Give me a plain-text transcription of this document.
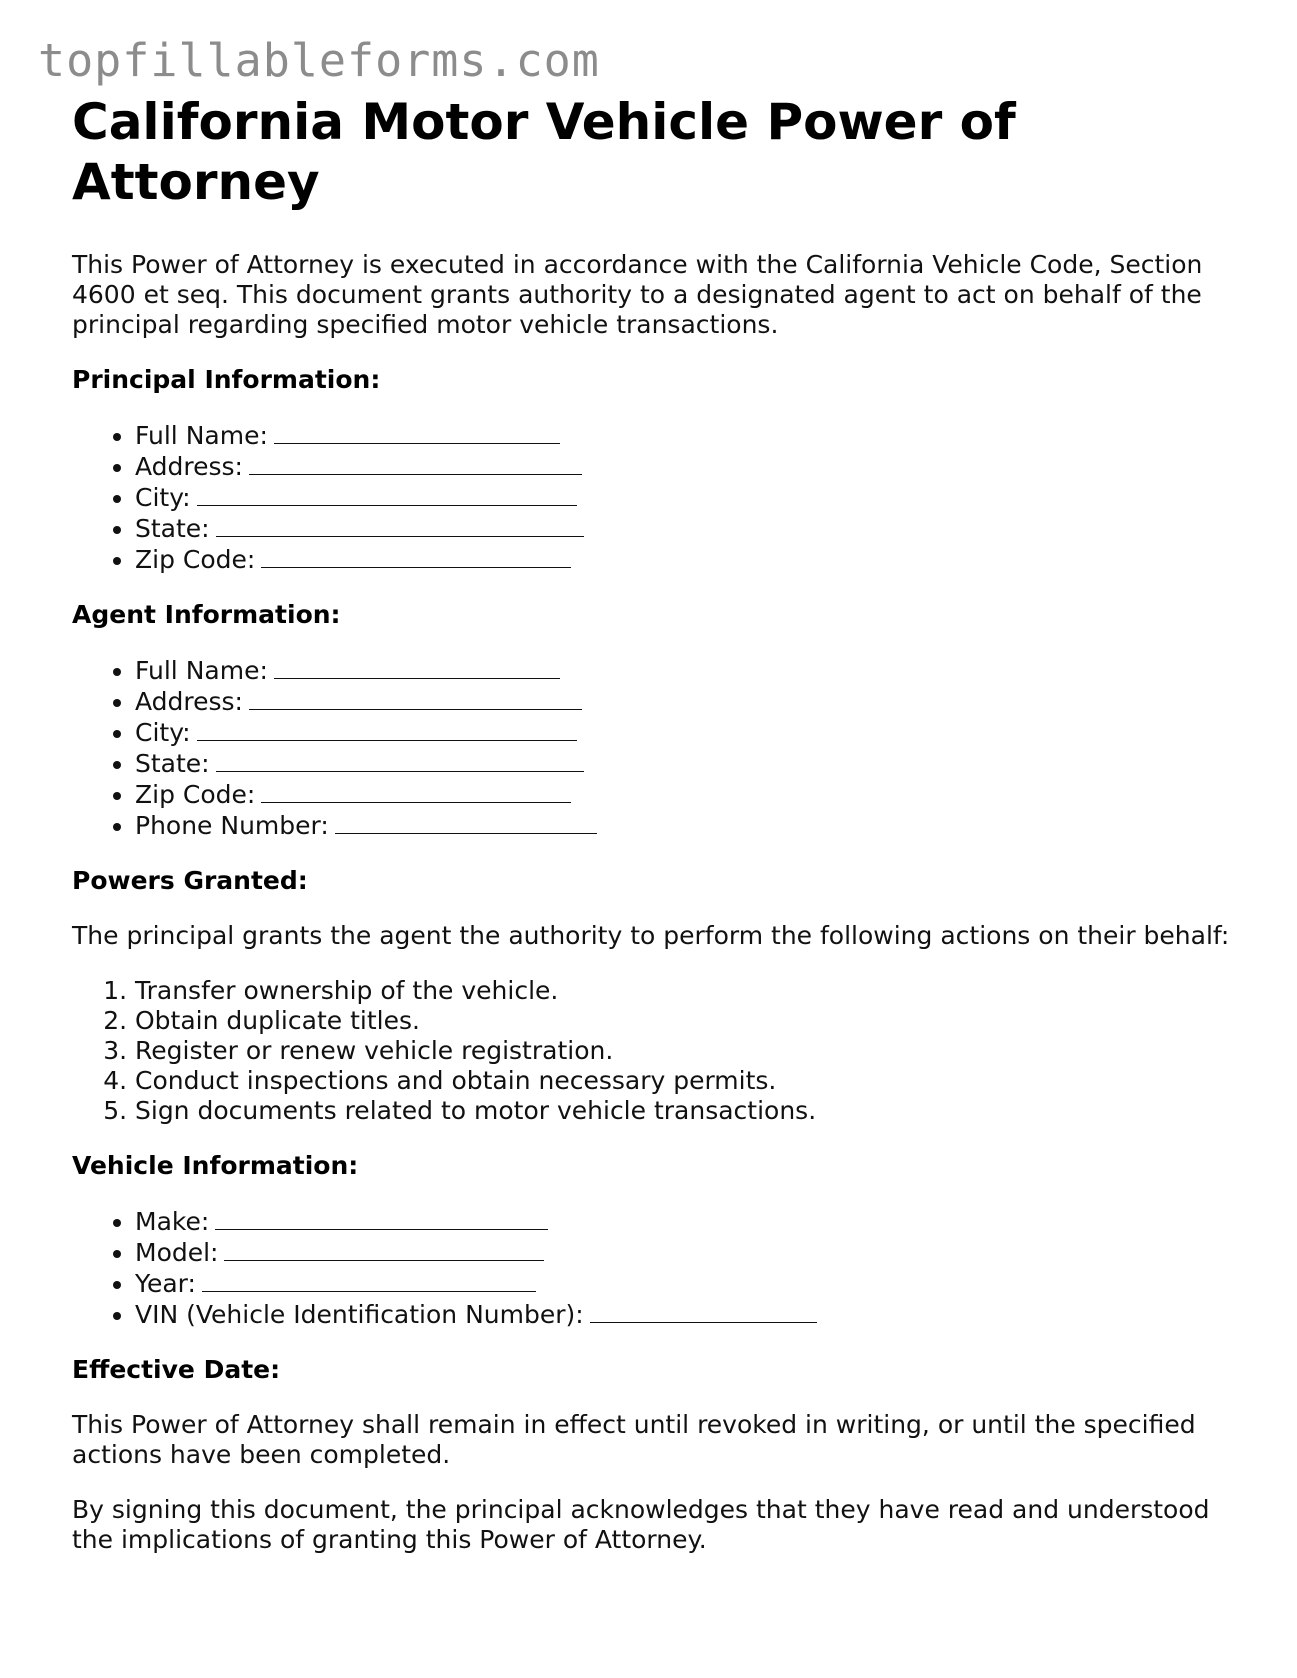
topfillableforms.com
California Motor Vehicle Power of Attorney

This Power of Attorney is executed in accordance with the California Vehicle Code, Section 4600 et seq. This document grants authority to a designated agent to act on behalf of the principal regarding specified motor vehicle transactions.

Principal Information:
• Full Name:
• Address:
• City:
• State:
• Zip Code:
Agent Information:
• Full Name:
• Address:
• City:
• State:
• Zip Code:
• Phone Number:
Powers Granted:

The principal grants the agent the authority to perform the following actions on their behalf:

1. Transfer ownership of the vehicle.
2. Obtain duplicate titles.
3. Register or renew vehicle registration.
4. Conduct inspections and obtain necessary permits.
5. Sign documents related to motor vehicle transactions.
Vehicle Information:
• Make:
• Model:
• Year:
• VIN (Vehicle Identification Number):
Effective Date:

This Power of Attorney shall remain in effect until revoked in writing, or until the specified actions have been completed.

By signing this document, the principal acknowledges that they have read and understood the implications of granting this Power of Attorney.
